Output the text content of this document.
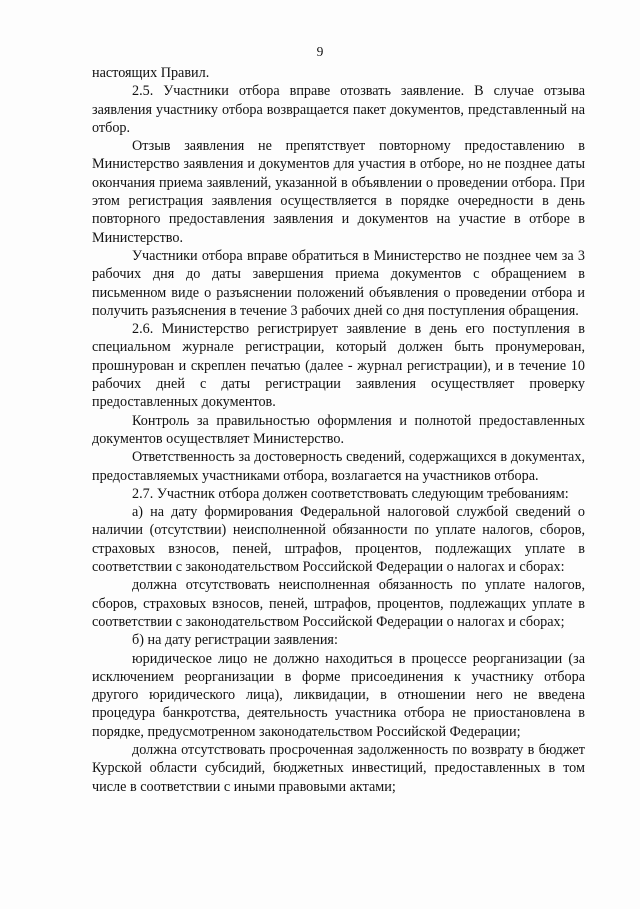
9

настоящих Правил.

2.5. Участники отбора вправе отозвать заявление. В случае отзыва заявления участнику отбора возвращается пакет документов, представленный на отбор.

Отзыв заявления не препятствует повторному предоставлению в Министерство заявления и документов для участия в отборе, но не позднее даты окончания приема заявлений, указанной в объявлении о проведении отбора. При этом регистрация заявления осуществляется в порядке очередности в день повторного предоставления заявления и документов на участие в отборе в Министерство.

Участники отбора вправе обратиться в Министерство не позднее чем за 3 рабочих дня до даты завершения приема документов с обращением в письменном виде о разъяснении положений объявления о проведении отбора и получить разъяснения в течение 3 рабочих дней со дня поступления обращения.

2.6. Министерство регистрирует заявление в день его поступления в специальном журнале регистрации, который должен быть пронумерован, прошнурован и скреплен печатью (далее - журнал регистрации), и в течение 10 рабочих дней с даты регистрации заявления осуществляет проверку предоставленных документов.

Контроль за правильностью оформления и полнотой предоставленных документов осуществляет Министерство.

Ответственность за достоверность сведений, содержащихся в документах, предоставляемых участниками отбора, возлагается на участников отбора.

2.7. Участник отбора должен соответствовать следующим требованиям:

а) на дату формирования Федеральной налоговой службой сведений о наличии (отсутствии) неисполненной обязанности по уплате налогов, сборов, страховых взносов, пеней, штрафов, процентов, подлежащих уплате в соответствии с законодательством Российской Федерации о налогах и сборах:

должна отсутствовать неисполненная обязанность по уплате налогов, сборов, страховых взносов, пеней, штрафов, процентов, подлежащих уплате в соответствии с законодательством Российской Федерации о налогах и сборах;

б) на дату регистрации заявления:

юридическое лицо не должно находиться в процессе реорганизации (за исключением реорганизации в форме присоединения к участнику отбора другого юридического лица), ликвидации, в отношении него не введена процедура банкротства, деятельность участника отбора не приостановлена в порядке, предусмотренном законодательством Российской Федерации;

должна отсутствовать просроченная задолженность по возврату в бюджет Курской области субсидий, бюджетных инвестиций, предоставленных в том числе в соответствии с иными правовыми актами;
